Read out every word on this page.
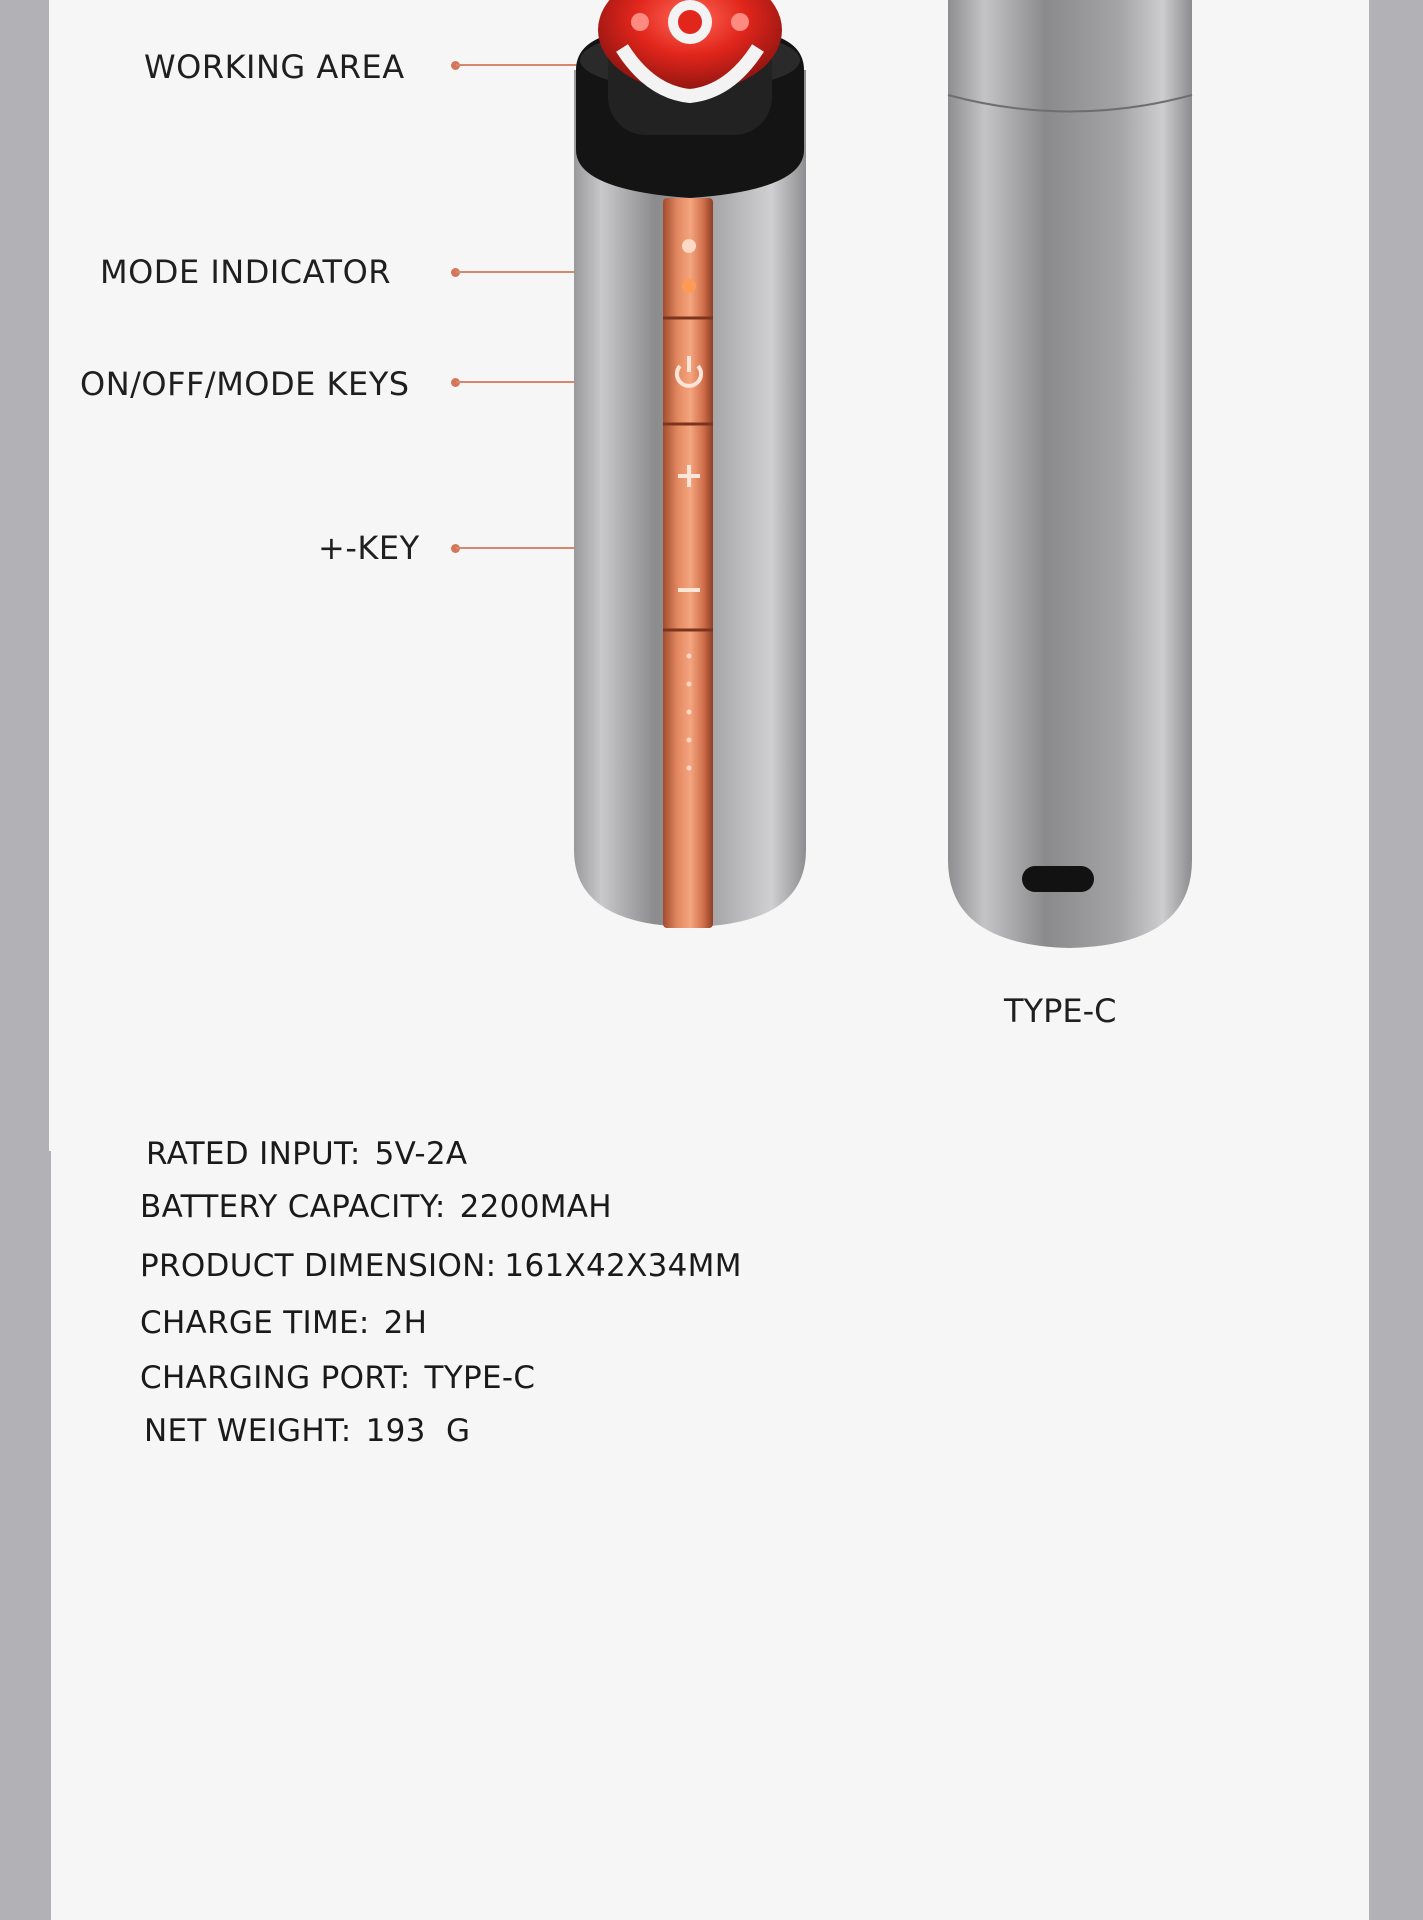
WORKING AREA
MODE INDICATOR
ON/OFF/MODE KEYS
+-KEY
TYPE-C
RATED INPUT: 5V-2A
BATTERY CAPACITY: 2200MAH
PRODUCT DIMENSION: 161X42X34MM
CHARGE TIME: 2H
CHARGING PORT: TYPE-C
NET WEIGHT: 193  G
